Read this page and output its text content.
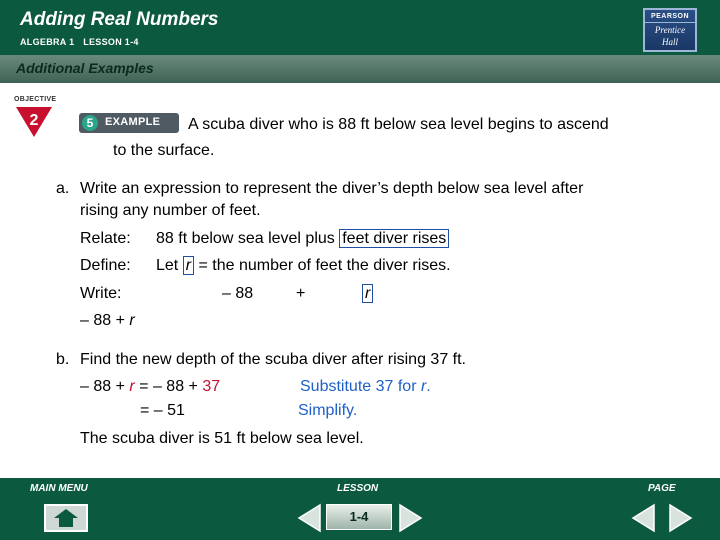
Adding Real Numbers
ALGEBRA 1 LESSON 1-4
PEARSON
Prentice
Hall
Additional Examples
OBJECTIVE
2	5	EXAMPLE A scuba diver who is 88 ft below sea level begins to ascend
to the surface.
a. Write an expression to represent the diver’s depth below sea level after
rising any number of feet.
Relate: 88 ft below sea level plus feet diver rises
Define: Let r = the number of feet the diver rises.
Write:	– 88	+	r
– 88 + r
b. Find the new depth of the scuba diver after rising 37 ft.
– 88 + r = – 88 + 37	Substitute 37 for r.
= – 51	Simplify.
The scuba diver is 51 ft below sea level.
MAIN MENU	LESSON	PAGE
1-4
